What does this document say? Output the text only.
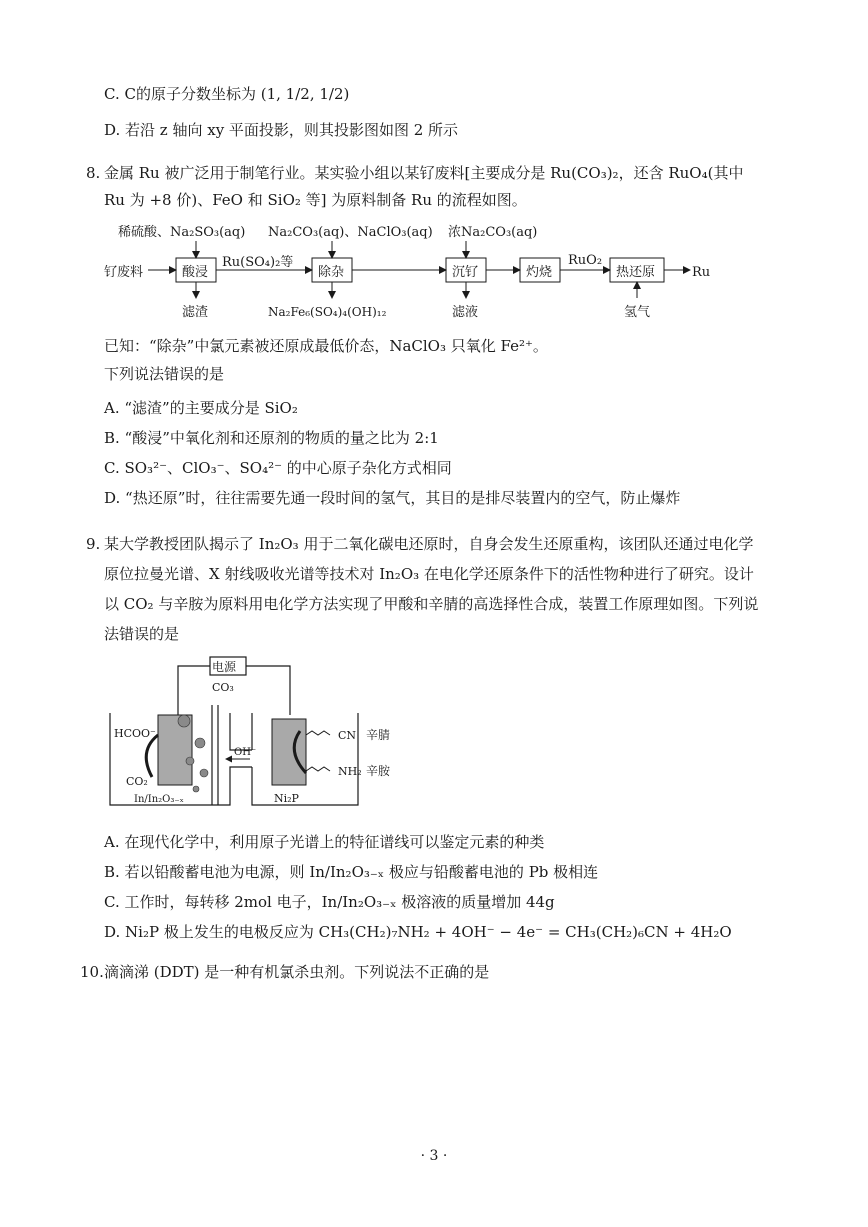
C. C的原子分数坐标为 (1, 1/2, 1/2)
D. 若沿 z 轴向 xy 平面投影，则其投影图如图 2 所示
8. 金属 Ru 被广泛用于制笔行业。某实验小组以某钌废料[主要成分是 Ru(CO₃)₂，还含 RuO₄(其中
Ru 为 +8 价)、FeO 和 SiO₂ 等] 为原料制备 Ru 的流程如图。
稀硫酸、Na₂SO₃(aq) Na₂CO₃(aq)、NaClO₃(aq) 浓Na₂CO₃(aq)
钌废料	酸浸	除杂	沉钌	灼烧	热还原	Ru
Ru(SO₄)₂等	RuO₂
滤渣	Na₂Fe₆(SO₄)₄(OH)₁₂	滤液	氢气
已知：“除杂”中氯元素被还原成最低价态，NaClO₃ 只氧化 Fe²⁺。
下列说法错误的是
A. “滤渣”的主要成分是 SiO₂
B. “酸浸”中氧化剂和还原剂的物质的量之比为 2:1
C. SO₃²⁻、ClO₃⁻、SO₄²⁻ 的中心原子杂化方式相同
D. “热还原”时，往往需要先通一段时间的氢气，其目的是排尽装置内的空气，防止爆炸
9. 某大学教授团队揭示了 In₂O₃ 用于二氧化碳电还原时，自身会发生还原重构，该团队还通过电化学
原位拉曼光谱、X 射线吸收光谱等技术对 In₂O₃ 在电化学还原条件下的活性物种进行了研究。设计
以 CO₂ 与辛胺为原料用电化学方法实现了甲酸和辛腈的高选择性合成，装置工作原理如图。下列说
法错误的是
电源
CO₃
HCOO⁻
CO₂
In/In₂O₃₋ₓ
OH⁻
Ni₂P
CN 辛腈
NH₂ 辛胺
A. 在现代化学中，利用原子光谱上的特征谱线可以鉴定元素的种类
B. 若以铅酸蓄电池为电源，则 In/In₂O₃₋ₓ 极应与铅酸蓄电池的 Pb 极相连
C. 工作时，每转移 2mol 电子，In/In₂O₃₋ₓ 极溶液的质量增加 44g
D. Ni₂P 极上发生的电极反应为 CH₃(CH₂)₇NH₂ + 4OH⁻ − 4e⁻ = CH₃(CH₂)₆CN + 4H₂O
10. 滴滴涕 (DDT) 是一种有机氯杀虫剂。下列说法不正确的是
· 3 ·
